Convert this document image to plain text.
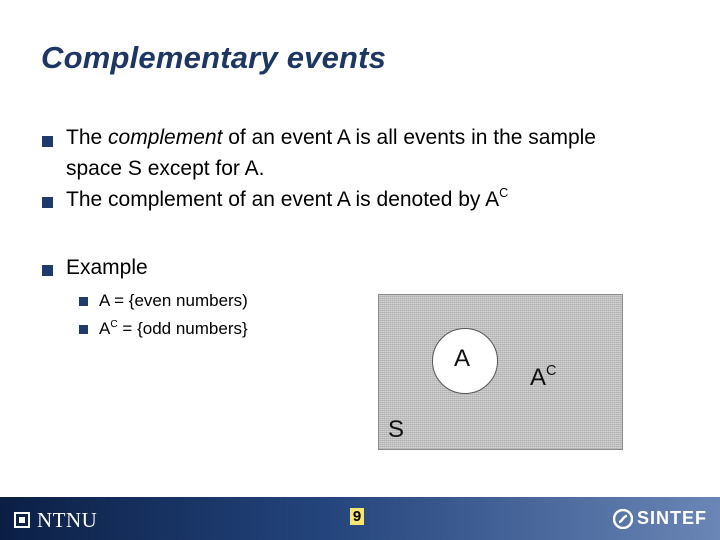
Complementary events
The complement of an event A is all events in the sample
space S except for A.
The complement of an event A is denoted by $A^C$
Example
A = {even numbers)
$A^C = \{odd$ numbers}
A
$A^C$
S
NTNU	9	SINTEF
